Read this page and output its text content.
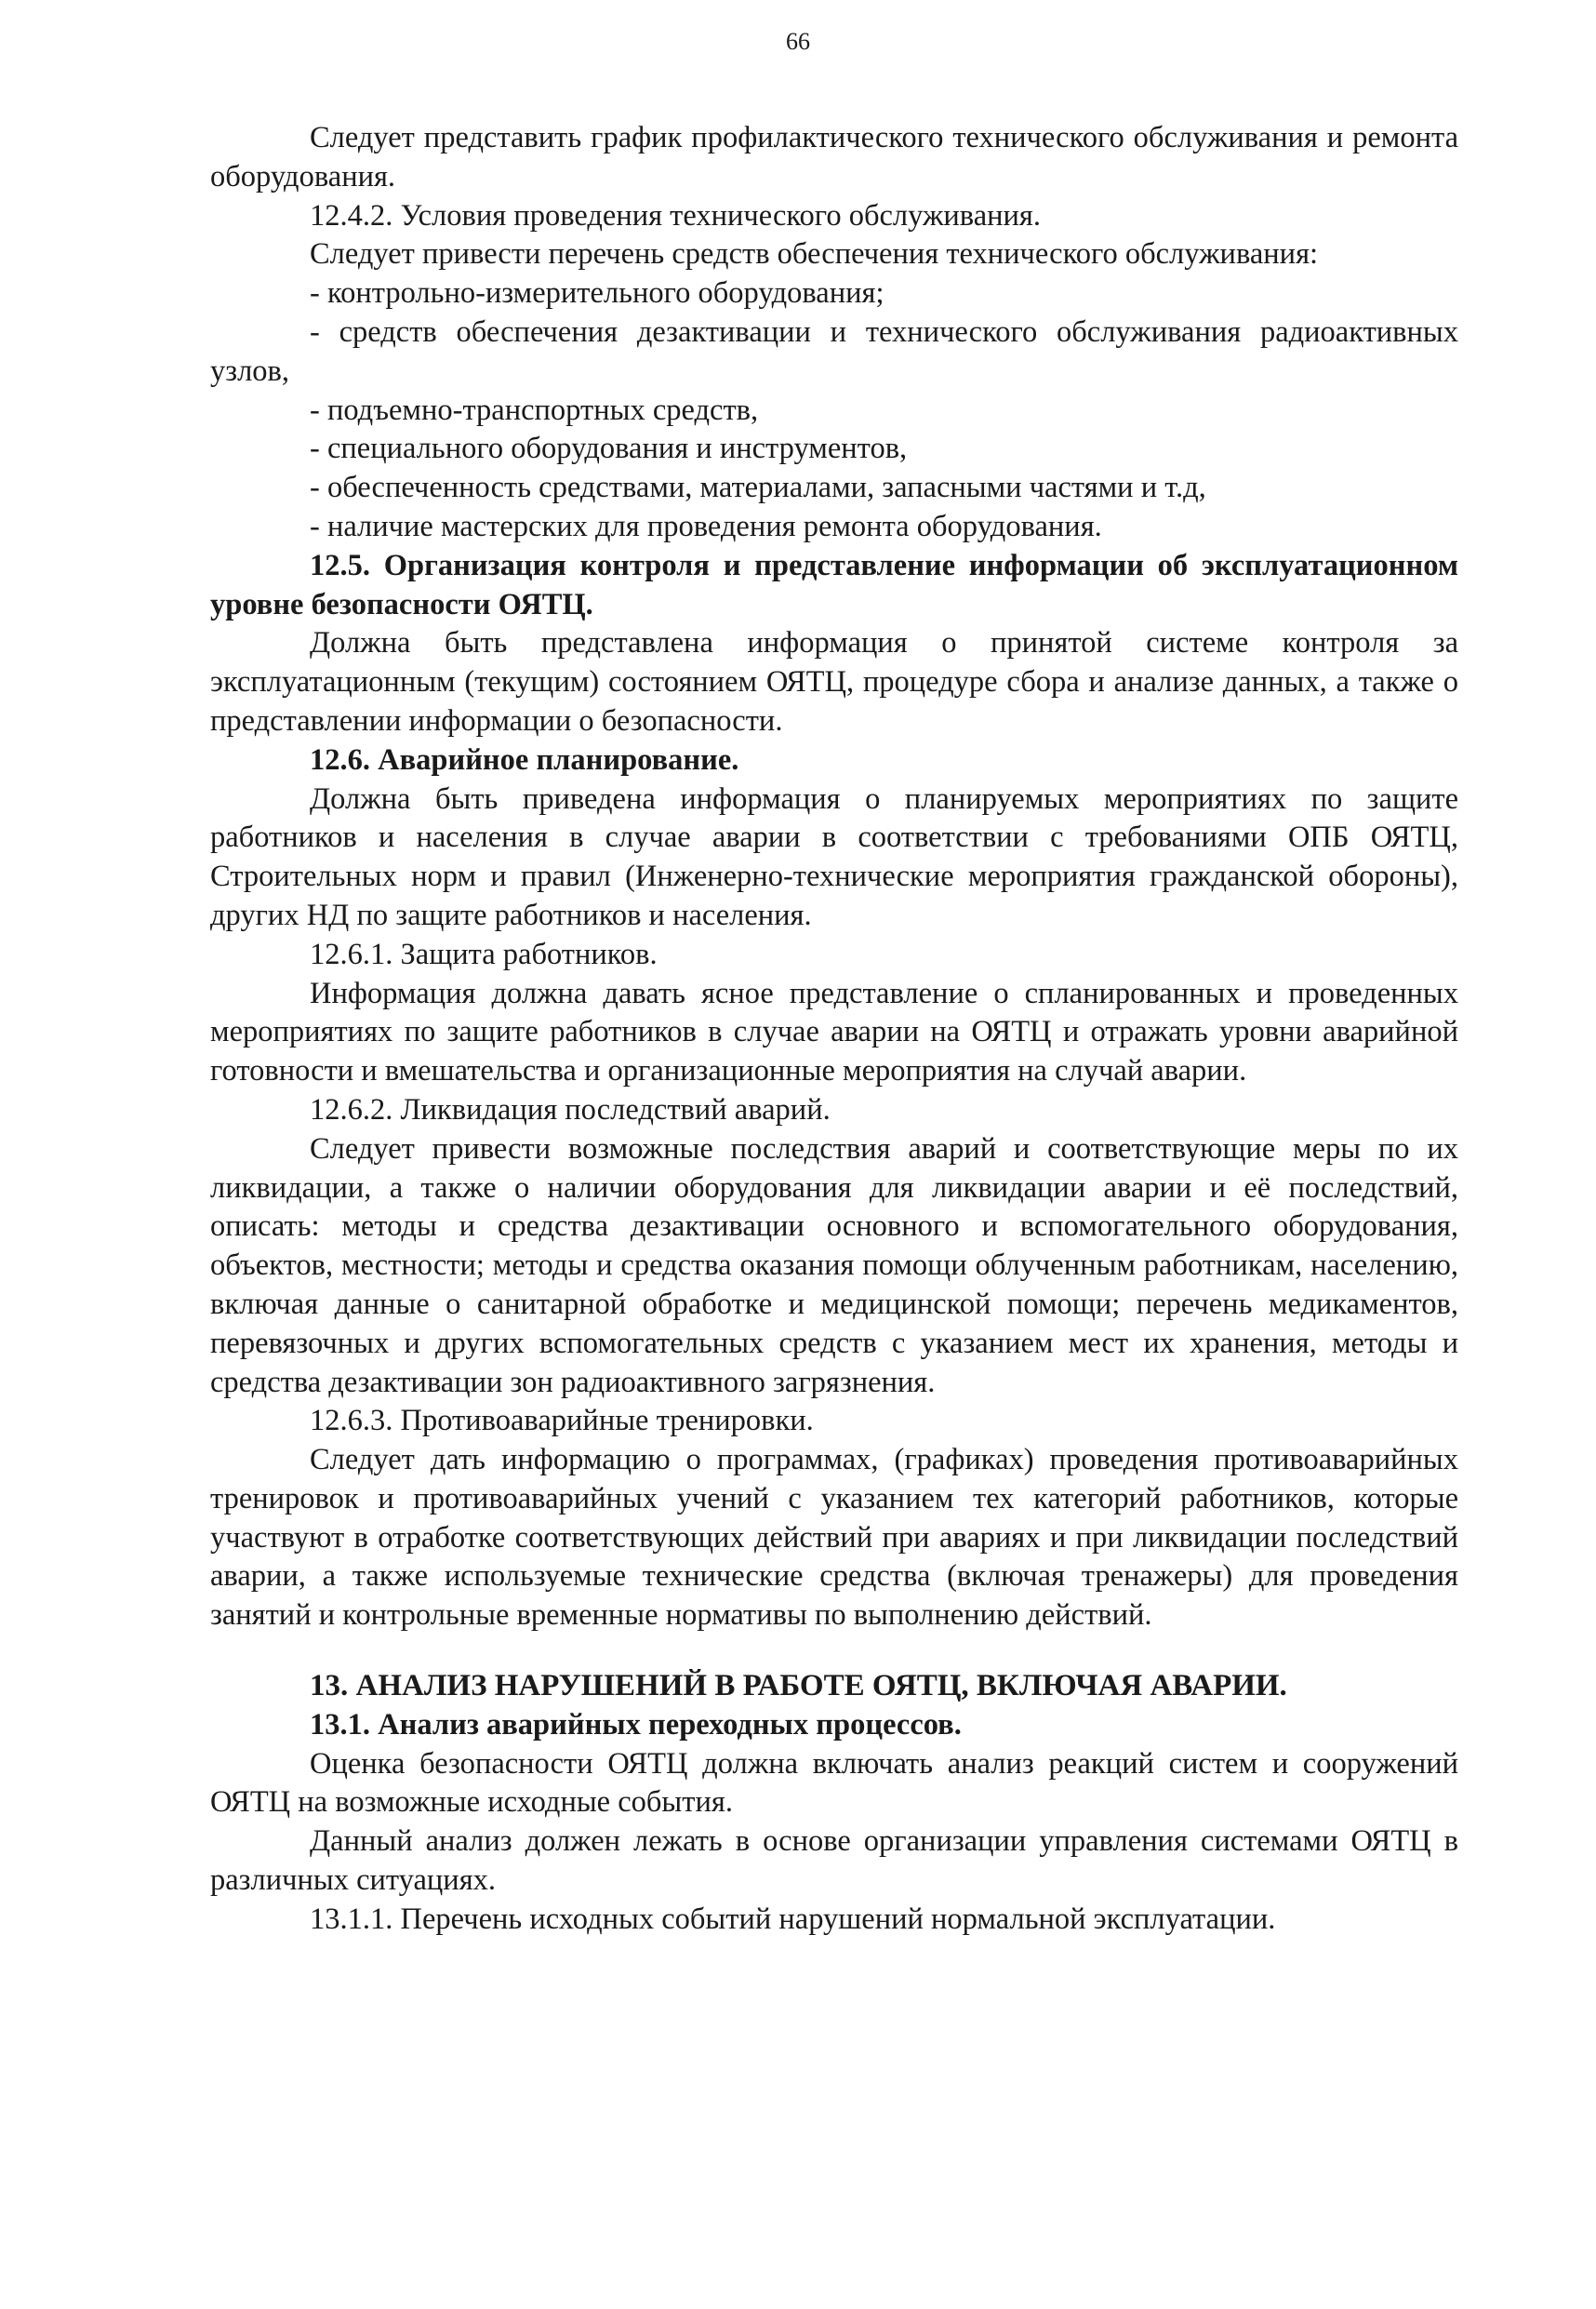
66

Следует представить график профилактического технического обслуживания и ремонта оборудования.

12.4.2. Условия проведения технического обслуживания.

Следует привести перечень средств обеспечения технического обслуживания:

- контрольно-измерительного оборудования;

- средств обеспечения дезактивации и технического обслуживания радиоактивных узлов,

- подъемно-транспортных средств,

- специального оборудования и инструментов,

- обеспеченность средствами, материалами, запасными частями и т.д,

- наличие мастерских для проведения ремонта оборудования.

12.5. Организация контроля и представление информации об эксплуатационном уровне безопасности ОЯТЦ.

Должна быть представлена информация о принятой системе контроля за эксплуатационным (текущим) состоянием ОЯТЦ, процедуре сбора и анализе данных, а также о представлении информации о безопасности.

12.6. Аварийное планирование.

Должна быть приведена информация о планируемых мероприятиях по защите работников и населения в случае аварии в соответствии с требованиями ОПБ ОЯТЦ, Строительных норм и правил (Инженерно-технические мероприятия гражданской обороны), других НД по защите работников и населения.

12.6.1. Защита работников.

Информация должна давать ясное представление о спланированных и проведенных мероприятиях по защите работников в случае аварии на ОЯТЦ и отражать уровни аварийной готовности и вмешательства и организационные мероприятия на случай аварии.

12.6.2. Ликвидация последствий аварий.

Следует привести возможные последствия аварий и соответствующие меры по их ликвидации, а также о наличии оборудования для ликвидации аварии и её последствий, описать: методы и средства дезактивации основного и вспомогательного оборудования, объектов, местности; методы и средства оказания помощи облученным работникам, населению, включая данные о санитарной обработке и медицинской помощи; перечень медикаментов, перевязочных и других вспомогательных средств с указанием мест их хранения, методы и средства дезактивации зон радиоактивного загрязнения.

12.6.3. Противоаварийные тренировки.

Следует дать информацию о программах, (графиках) проведения противоаварийных тренировок и противоаварийных учений с указанием тех категорий работников, которые участвуют в отработке соответствующих действий при авариях и при ликвидации последствий аварии, а также используемые технические средства (включая тренажеры) для проведения занятий и контрольные временные нормативы по выполнению действий.

13. АНАЛИЗ НАРУШЕНИЙ В РАБОТЕ ОЯТЦ, ВКЛЮЧАЯ АВАРИИ.

13.1. Анализ аварийных переходных процессов.

Оценка безопасности ОЯТЦ должна включать анализ реакций систем и сооружений ОЯТЦ на возможные исходные события.

Данный анализ должен лежать в основе организации управления системами ОЯТЦ в различных ситуациях.

13.1.1. Перечень исходных событий нарушений нормальной эксплуатации.
